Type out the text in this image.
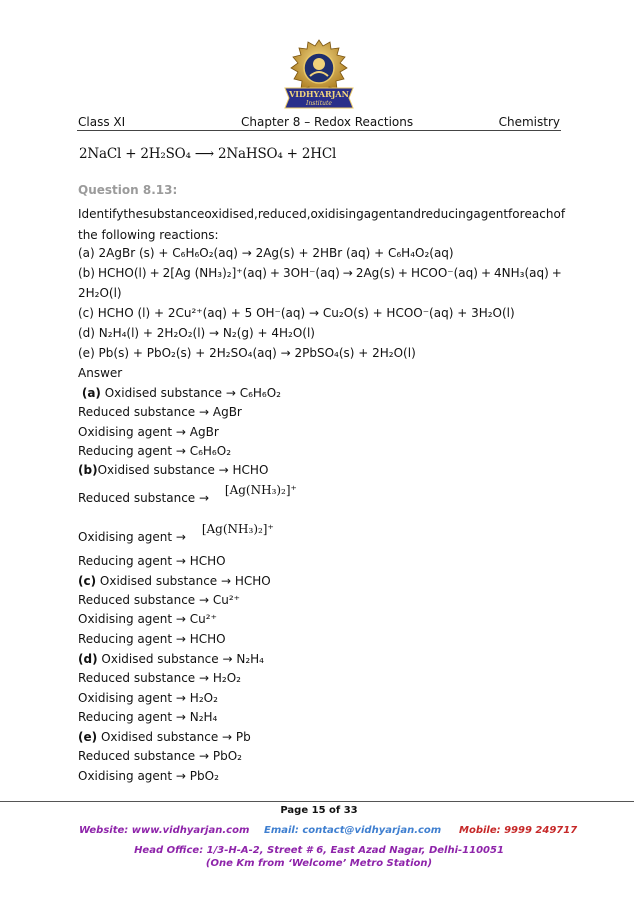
VIDHYARJAN
Institute
Class XI	Chapter 8 – Redox Reactions	Chemistry
2NaCl + 2H₂SO₄ ⟶ 2NaHSO₄ + 2HCl
Question 8.13:
Identify the substance oxidised, reduced, oxidising agent and reducing agent for each of
the following reactions:
(a) 2AgBr (s) + C₆H₆O₂(aq) → 2Ag(s) + 2HBr (aq) + C₆H₄O₂(aq)
(b) HCHO(l) + 2[Ag (NH₃)₂]⁺(aq) + 3OH⁻(aq) → 2Ag(s) + HCOO⁻(aq) + 4NH₃(aq) +
2H₂O(l)
(c) HCHO (l) + 2Cu²⁺(aq) + 5 OH⁻(aq) → Cu₂O(s) + HCOO⁻(aq) + 3H₂O(l)
(d) N₂H₄(l) + 2H₂O₂(l) → N₂(g) + 4H₂O(l)
(e) Pb(s) + PbO₂(s) + 2H₂SO₄(aq) → 2PbSO₄(s) + 2H₂O(l)
Answer
(a) Oxidised substance → C₆H₆O₂
Reduced substance → AgBr
Oxidising agent → AgBr
Reducing agent → C₆H₆O₂
(b)Oxidised substance → HCHO
Reduced substance → [Ag(NH₃)₂]⁺
Oxidising agent → [Ag(NH₃)₂]⁺
Reducing agent → HCHO
(c) Oxidised substance → HCHO
Reduced substance → Cu²⁺
Oxidising agent → Cu²⁺
Reducing agent → HCHO
(d) Oxidised substance → N₂H₄
Reduced substance → H₂O₂
Oxidising agent → H₂O₂
Reducing agent → N₂H₄
(e) Oxidised substance → Pb
Reduced substance → PbO₂
Oxidising agent → PbO₂
Page 15 of 33
Website: www.vidhyarjan.com Email: contact@vidhyarjan.com Mobile: 9999 249717
Head Office: 1/3-H-A-2, Street # 6, East Azad Nagar, Delhi-110051
(One Km from ‘Welcome’ Metro Station)
